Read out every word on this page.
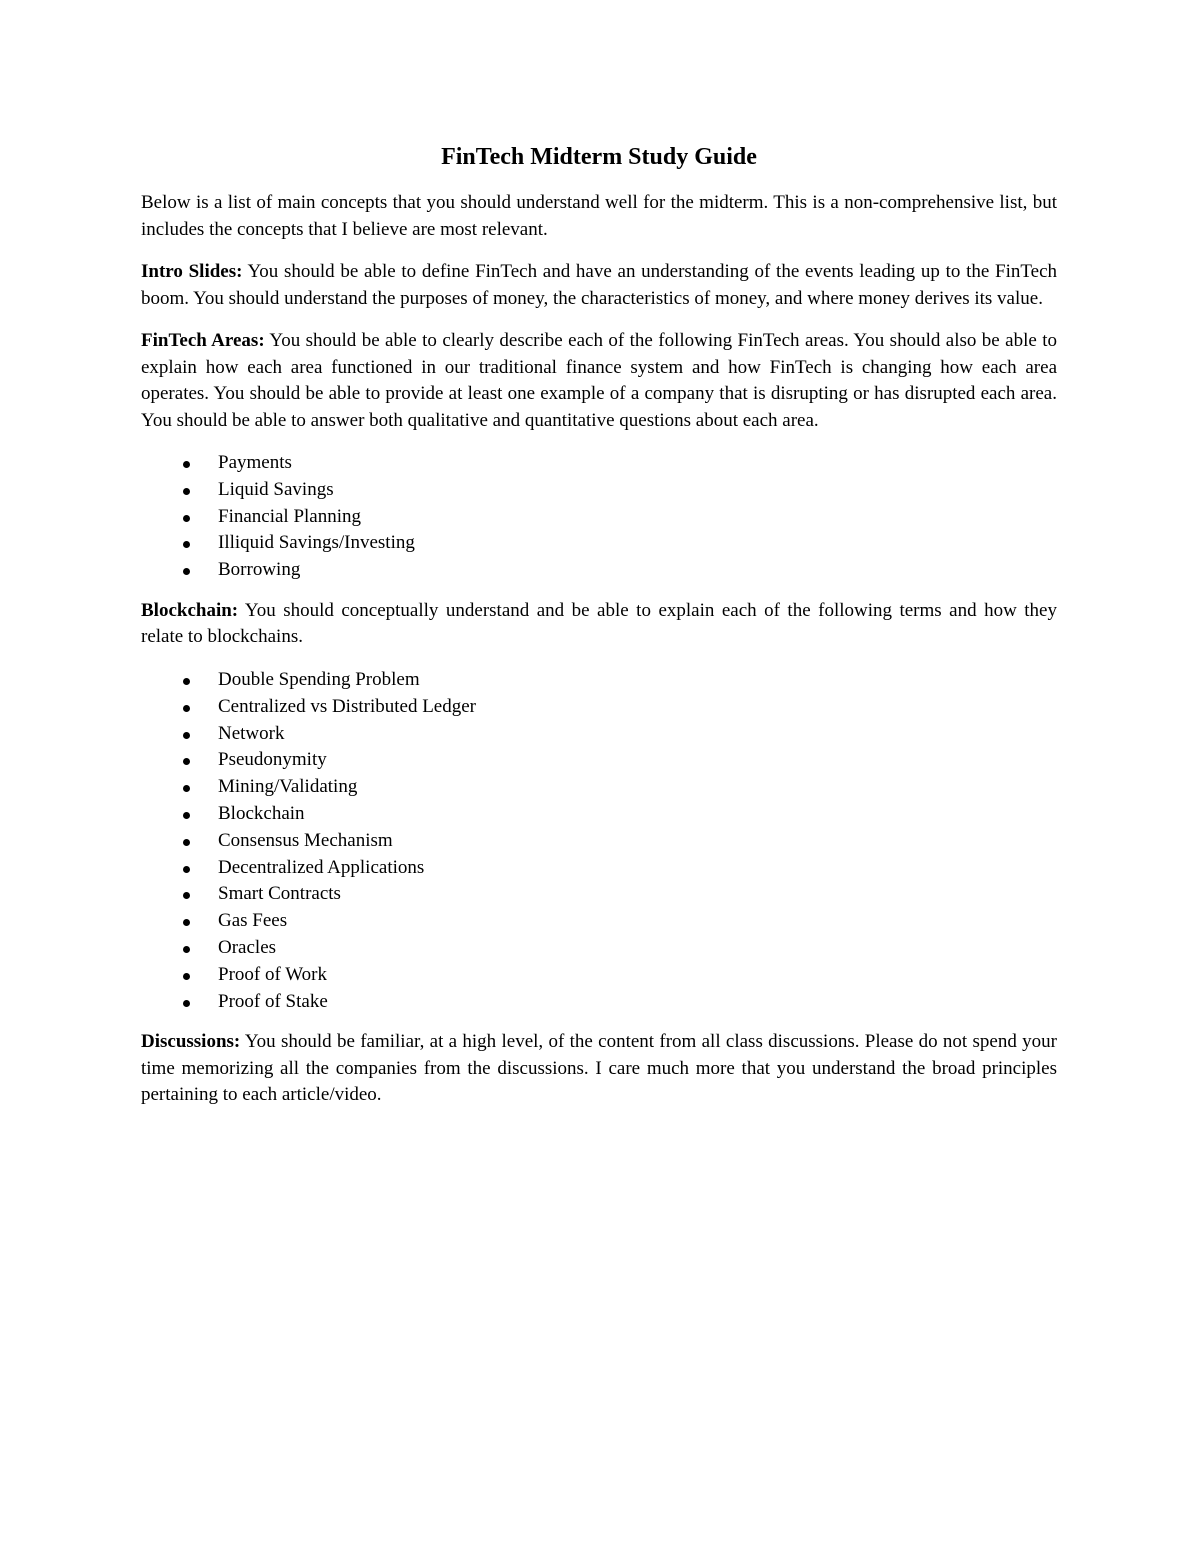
FinTech Midterm Study Guide

Below is a list of main concepts that you should understand well for the midterm. This is a non-comprehensive list, but includes the concepts that I believe are most relevant.

Intro Slides: You should be able to define FinTech and have an understanding of the events leading up to the FinTech boom. You should understand the purposes of money, the characteristics of money, and where money derives its value.

FinTech Areas: You should be able to clearly describe each of the following FinTech areas. You should also be able to explain how each area functioned in our traditional finance system and how FinTech is changing how each area operates. You should be able to provide at least one example of a company that is disrupting or has disrupted each area. You should be able to answer both qualitative and quantitative questions about each area.

Payments
Liquid Savings
Financial Planning
Illiquid Savings/Investing
Borrowing

Blockchain: You should conceptually understand and be able to explain each of the following terms and how they relate to blockchains.

Double Spending Problem
Centralized vs Distributed Ledger
Network
Pseudonymity
Mining/Validating
Blockchain
Consensus Mechanism
Decentralized Applications
Smart Contracts
Gas Fees
Oracles
Proof of Work
Proof of Stake

Discussions: You should be familiar, at a high level, of the content from all class discussions. Please do not spend your time memorizing all the companies from the discussions. I care much more that you understand the broad principles pertaining to each article/video.
